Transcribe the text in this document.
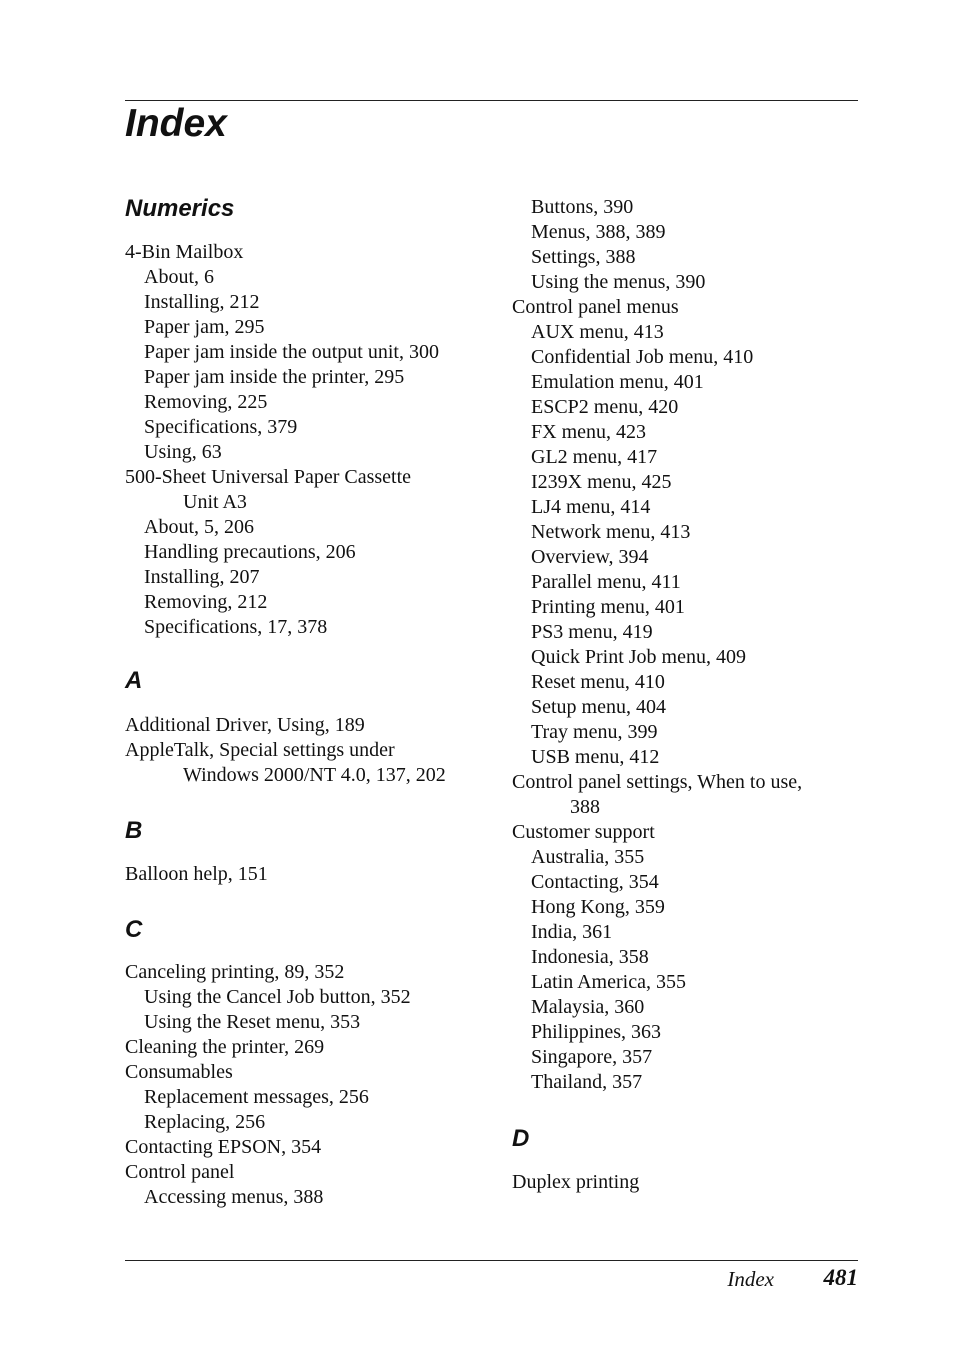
Index
Numerics
4-Bin Mailbox
About, 6
Installing, 212
Paper jam, 295
Paper jam inside the output unit, 300
Paper jam inside the printer, 295
Removing, 225
Specifications, 379
Using, 63
500-Sheet Universal Paper Cassette
Unit A3
About, 5, 206
Handling precautions, 206
Installing, 207
Removing, 212
Specifications, 17, 378
A
Additional Driver, Using, 189
AppleTalk, Special settings under
Windows 2000/NT 4.0, 137, 202
B
Balloon help, 151
C
Canceling printing, 89, 352
Using the Cancel Job button, 352
Using the Reset menu, 353
Cleaning the printer, 269
Consumables
Replacement messages, 256
Replacing, 256
Contacting EPSON, 354
Control panel
Accessing menus, 388
Buttons, 390
Menus, 388, 389
Settings, 388
Using the menus, 390
Control panel menus
AUX menu, 413
Confidential Job menu, 410
Emulation menu, 401
ESCP2 menu, 420
FX menu, 423
GL2 menu, 417
I239X menu, 425
LJ4 menu, 414
Network menu, 413
Overview, 394
Parallel menu, 411
Printing menu, 401
PS3 menu, 419
Quick Print Job menu, 409
Reset menu, 410
Setup menu, 404
Tray menu, 399
USB menu, 412
Control panel settings, When to use,
388
Customer support
Australia, 355
Contacting, 354
Hong Kong, 359
India, 361
Indonesia, 358
Latin America, 355
Malaysia, 360
Philippines, 363
Singapore, 357
Thailand, 357
D
Duplex printing
Index	481
